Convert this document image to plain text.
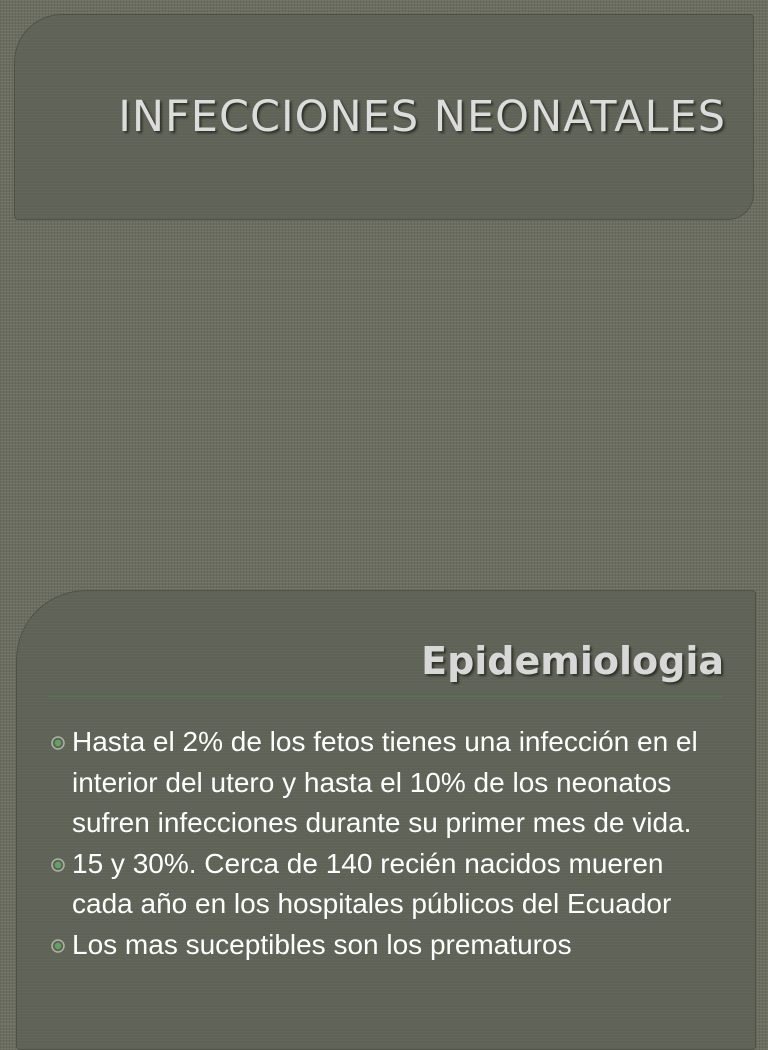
INFECCIONES NEONATALES
Epidemiologia
Hasta el 2% de los fetos tienes una infección en el interior del utero y hasta el 10% de los neonatos sufren infecciones durante su primer mes de vida.
15 y 30%. Cerca de 140 recién nacidos mueren cada año en los hospitales públicos del Ecuador
Los mas suceptibles son los prematuros
